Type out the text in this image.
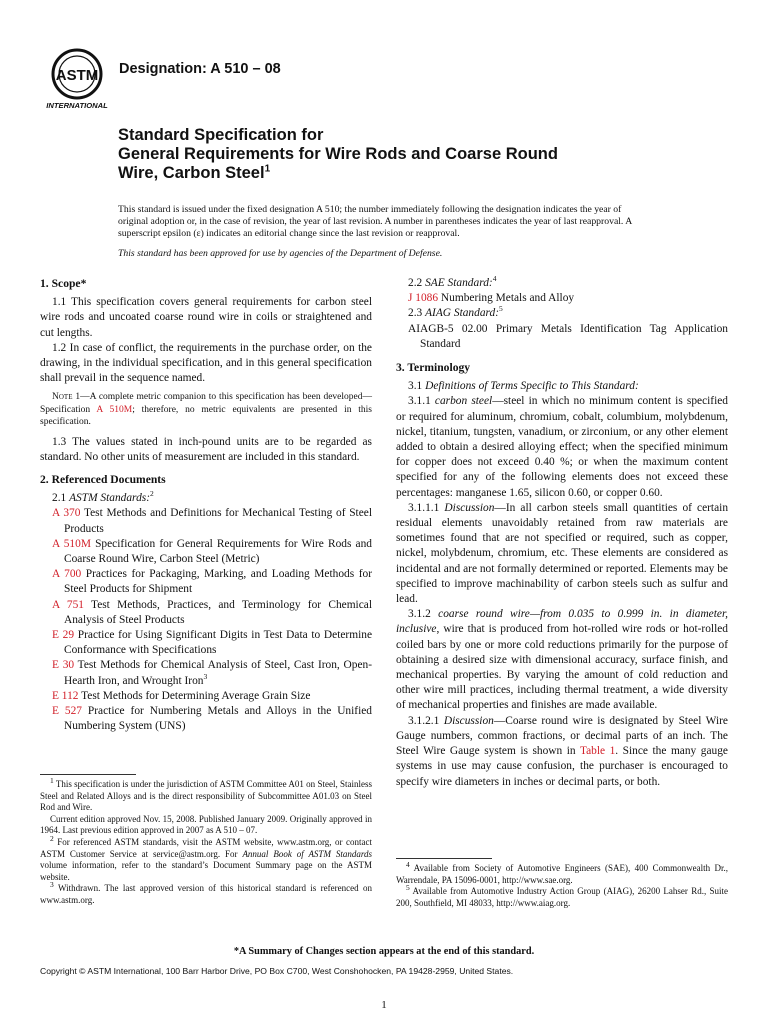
ASTM
INTERNATIONAL
Designation: A 510 – 08
Standard Specification for
General Requirements for Wire Rods and Coarse Round
Wire, Carbon Steel$^1$
This standard is issued under the fixed designation A 510; the number immediately following the designation indicates the year of original adoption or, in the case of revision, the year of last revision. A number in parentheses indicates the year of last reapproval. A superscript epsilon (ε) indicates an editorial change since the last revision or reapproval.
This standard has been approved for use by agencies of the Department of Defense.
1. Scope*

1.1 This specification covers general requirements for carbon steel wire rods and uncoated coarse round wire in coils or straightened and cut lengths.

1.2 In case of conflict, the requirements in the purchase order, on the drawing, in the individual specification, and in this general specification shall prevail in the sequence named.

Note 1—A complete metric companion to this specification has been developed—Specification A 510M; therefore, no metric equivalents are presented in this specification.

1.3 The values stated in inch-pound units are to be regarded as standard. No other units of measurement are included in this standard.

2. Referenced Documents

2.1 ASTM Standards:$^2$

A 370 Test Methods and Definitions for Mechanical Testing of Steel Products

A 510M Specification for General Requirements for Wire Rods and Coarse Round Wire, Carbon Steel (Metric)

A 700 Practices for Packaging, Marking, and Loading Methods for Steel Products for Shipment

A 751 Test Methods, Practices, and Terminology for Chemical Analysis of Steel Products

E 29 Practice for Using Significant Digits in Test Data to Determine Conformance with Specifications

E 30 Test Methods for Chemical Analysis of Steel, Cast Iron, Open-Hearth Iron, and Wrought Iron$^3$

E 112 Test Methods for Determining Average Grain Size

E 527 Practice for Numbering Metals and Alloys in the Unified Numbering System (UNS)

$^1$ This specification is under the jurisdiction of ASTM Committee A01 on Steel, Stainless Steel and Related Alloys and is the direct responsibility of Subcommittee A01.03 on Steel Rod and Wire.

Current edition approved Nov. 15, 2008. Published January 2009. Originally approved in 1964. Last previous edition approved in 2007 as A 510 – 07.

$^2$ For referenced ASTM standards, visit the ASTM website, www.astm.org, or contact ASTM Customer Service at service@astm.org. For Annual Book of ASTM Standards volume information, refer to the standard’s Document Summary page on the ASTM website.

$^3$ Withdrawn. The last approved version of this historical standard is referenced on www.astm.org.

2.2 SAE Standard:$^4$

J 1086 Numbering Metals and Alloy

2.3 AIAG Standard:$^5$

AIAGB-5 02.00 Primary Metals Identification Tag Application Standard

3. Terminology

3.1 Definitions of Terms Specific to This Standard:

3.1.1 carbon steel—steel in which no minimum content is specified or required for aluminum, chromium, cobalt, columbium, molybdenum, nickel, titanium, tungsten, vanadium, or zirconium, or any other element added to obtain a desired alloying effect; when the specified minimum for copper does not exceed 0.40 %; or when the maximum content specified for any of the following elements does not exceed these percentages: manganese 1.65, silicon 0.60, or copper 0.60.

3.1.1.1 Discussion—In all carbon steels small quantities of certain residual elements unavoidably retained from raw materials are sometimes found that are not specified or required, such as copper, nickel, molybdenum, chromium, etc. These elements are considered as incidental and are not formally determined or reported. Elements may be specified to improve machinability of carbon steels such as sulfur and lead.

3.1.2 coarse round wire—from 0.035 to 0.999 in. in diameter, inclusive, wire that is produced from hot-rolled wire rods or hot-rolled coiled bars by one or more cold reductions primarily for the purpose of obtaining a desired size with dimensional accuracy, surface finish, and mechanical properties. By varying the amount of cold reduction and other wire mill practices, including thermal treatment, a wide diversity of mechanical properties and finishes are made available.

3.1.2.1 Discussion—Coarse round wire is designated by Steel Wire Gauge numbers, common fractions, or decimal parts of an inch. The Steel Wire Gauge system is shown in Table 1. Since the many gauge systems in use may cause confusion, the purchaser is encouraged to specify wire diameters in inches or decimal parts, or both.

$^4$ Available from Society of Automotive Engineers (SAE), 400 Commonwealth Dr., Warrendale, PA 15096-0001, http://www.sae.org.

$^5$ Available from Automotive Industry Action Group (AIAG), 26200 Lahser Rd., Suite 200, Southfield, MI 48033, http://www.aiag.org.

*A Summary of Changes section appears at the end of this standard.
Copyright © ASTM International, 100 Barr Harbor Drive, PO Box C700, West Conshohocken, PA 19428-2959, United States.
1
